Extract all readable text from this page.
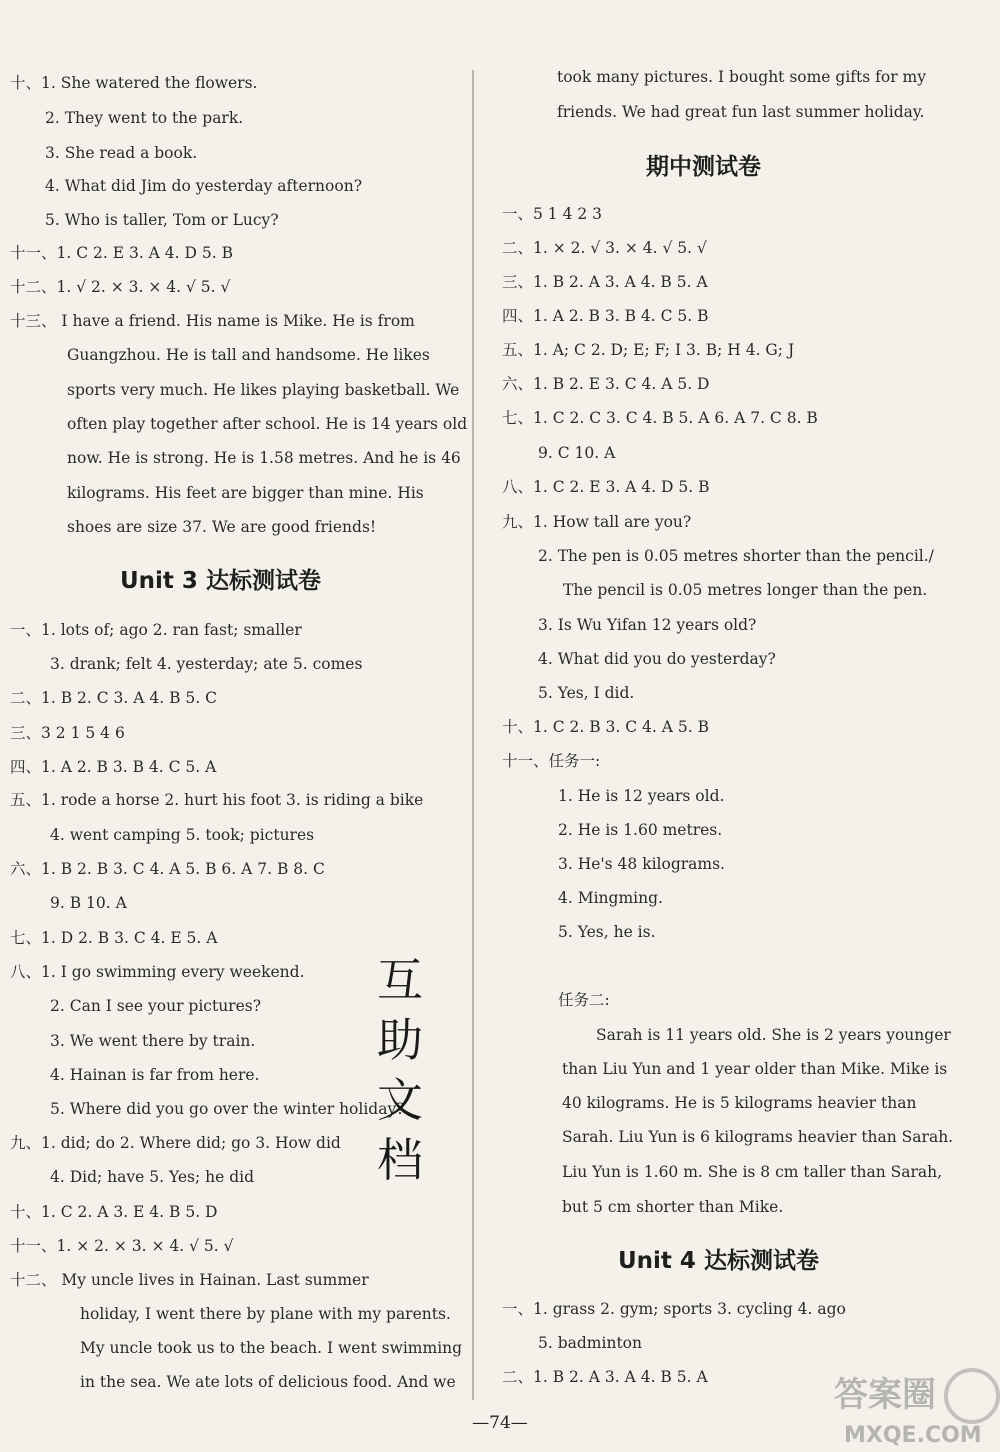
十、1. She watered the flowers.
2. They went to the park.
3. She read a book.
4. What did Jim do yesterday afternoon?
5. Who is taller, Tom or Lucy?
十一、1. C 2. E 3. A 4. D 5. B
十二、1. √ 2. × 3. × 4. √ 5. √
十三、 I have a friend. His name is Mike. He is from
Guangzhou. He is tall and handsome. He likes
sports very much. He likes playing basketball. We
often play together after school. He is 14 years old
now. He is strong. He is 1.58 metres. And he is 46
kilograms. His feet are bigger than mine. His
shoes are size 37. We are good friends!
一、1. lots of; ago 2. ran fast; smaller
3. drank; felt 4. yesterday; ate 5. comes
二、1. B 2. C 3. A 4. B 5. C
三、3 2 1 5 4 6
四、1. A 2. B 3. B 4. C 5. A
五、1. rode a horse 2. hurt his foot 3. is riding a bike
4. went camping 5. took; pictures
六、1. B 2. B 3. C 4. A 5. B 6. A 7. B 8. C
9. B 10. A
七、1. D 2. B 3. C 4. E 5. A
八、1. I go swimming every weekend.
2. Can I see your pictures?
3. We went there by train.
4. Hainan is far from here.
5. Where did you go over the winter holiday?
九、1. did; do 2. Where did; go 3. How did
4. Did; have 5. Yes; he did
十、1. C 2. A 3. E 4. B 5. D
十一、1. × 2. × 3. × 4. √ 5. √
十二、 My uncle lives in Hainan. Last summer
holiday, I went there by plane with my parents.
My uncle took us to the beach. I went swimming
in the sea. We ate lots of delicious food. And we
Unit 3 达标测试卷
took many pictures. I bought some gifts for my
friends. We had great fun last summer holiday.
一、5 1 4 2 3
二、1. × 2. √ 3. × 4. √ 5. √
三、1. B 2. A 3. A 4. B 5. A
四、1. A 2. B 3. B 4. C 5. B
五、1. A; C 2. D; E; F; I 3. B; H 4. G; J
六、1. B 2. E 3. C 4. A 5. D
七、1. C 2. C 3. C 4. B 5. A 6. A 7. C 8. B
9. C 10. A
八、1. C 2. E 3. A 4. D 5. B
九、1. How tall are you?
2. The pen is 0.05 metres shorter than the pencil./
The pencil is 0.05 metres longer than the pen.
3. Is Wu Yifan 12 years old?
4. What did you do yesterday?
5. Yes, I did.
十、1. C 2. B 3. C 4. A 5. B
十一、任务一:
1. He is 12 years old.
2. He is 1.60 metres.
3. He's 48 kilograms.
4. Mingming.
5. Yes, he is.
任务二:
Sarah is 11 years old. She is 2 years younger
than Liu Yun and 1 year older than Mike. Mike is
40 kilograms. He is 5 kilograms heavier than
Sarah. Liu Yun is 6 kilograms heavier than Sarah.
Liu Yun is 1.60 m. She is 8 cm taller than Sarah,
but 5 cm shorter than Mike.
一、1. grass 2. gym; sports 3. cycling 4. ago
5. badminton
二、1. B 2. A 3. A 4. B 5. A
期中测试卷
Unit 4 达标测试卷
互
助
文
档
—74—
答案圈
MXQE.COM
